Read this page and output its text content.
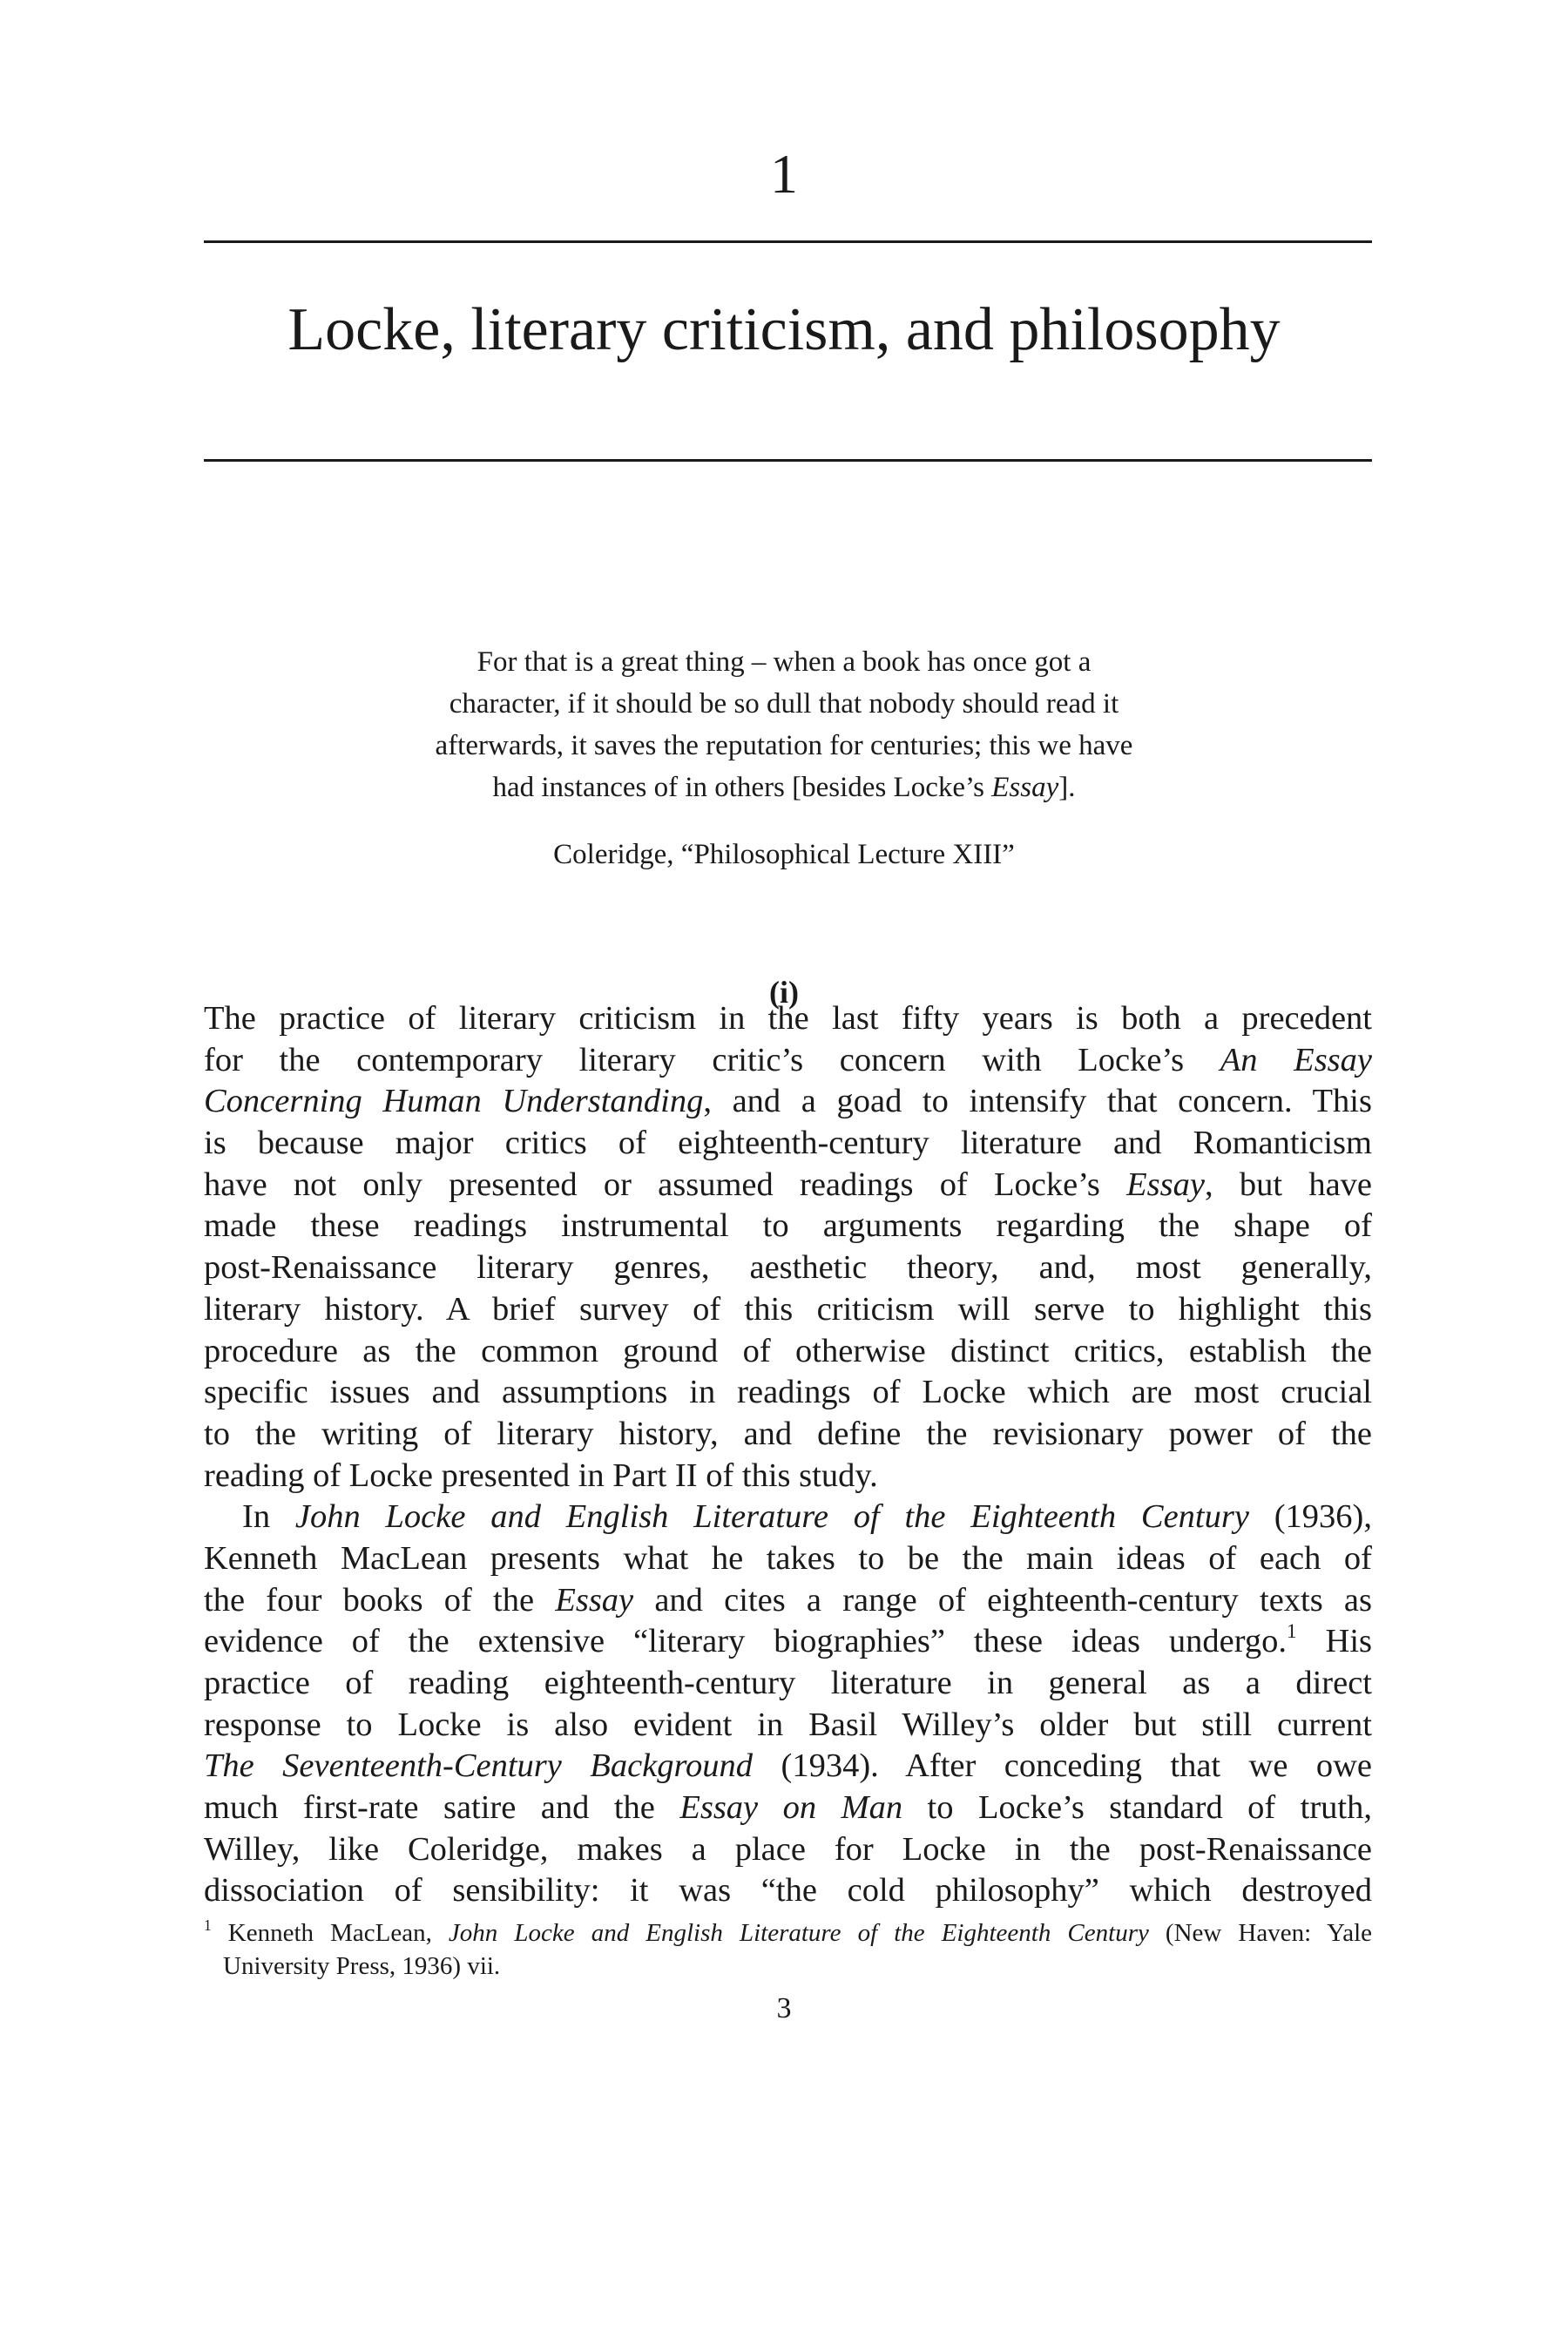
1
Locke, literary criticism, and philosophy
For that is a great thing – when a book has once got a
character, if it should be so dull that nobody should read it
afterwards, it saves the reputation for centuries; this we have
had instances of in others [besides Locke’s Essay].
Coleridge, “Philosophical Lecture XIII”
(i)
The practice of literary criticism in the last fifty years is both a precedent
for the contemporary literary critic’s concern with Locke’s An Essay
Concerning Human Understanding, and a goad to intensify that concern. This
is because major critics of eighteenth-century literature and Romanticism
have not only presented or assumed readings of Locke’s Essay, but have
made these readings instrumental to arguments regarding the shape of
post-Renaissance literary genres, aesthetic theory, and, most generally,
literary history. A brief survey of this criticism will serve to highlight this
procedure as the common ground of otherwise distinct critics, establish the
specific issues and assumptions in readings of Locke which are most crucial
to the writing of literary history, and define the revisionary power of the
reading of Locke presented in Part II of this study.
In John Locke and English Literature of the Eighteenth Century (1936),
Kenneth MacLean presents what he takes to be the main ideas of each of
the four books of the Essay and cites a range of eighteenth-century texts as
evidence of the extensive “literary biographies” these ideas undergo.$^1$ His
practice of reading eighteenth-century literature in general as a direct
response to Locke is also evident in Basil Willey’s older but still current
The Seventeenth-Century Background (1934). After conceding that we owe
much first-rate satire and the Essay on Man to Locke’s standard of truth,
Willey, like Coleridge, makes a place for Locke in the post-Renaissance
dissociation of sensibility: it was “the cold philosophy” which destroyed
$^1$ Kenneth MacLean, John Locke and English Literature of the Eighteenth Century (New Haven: Yale
University Press, 1936) vii.
3
